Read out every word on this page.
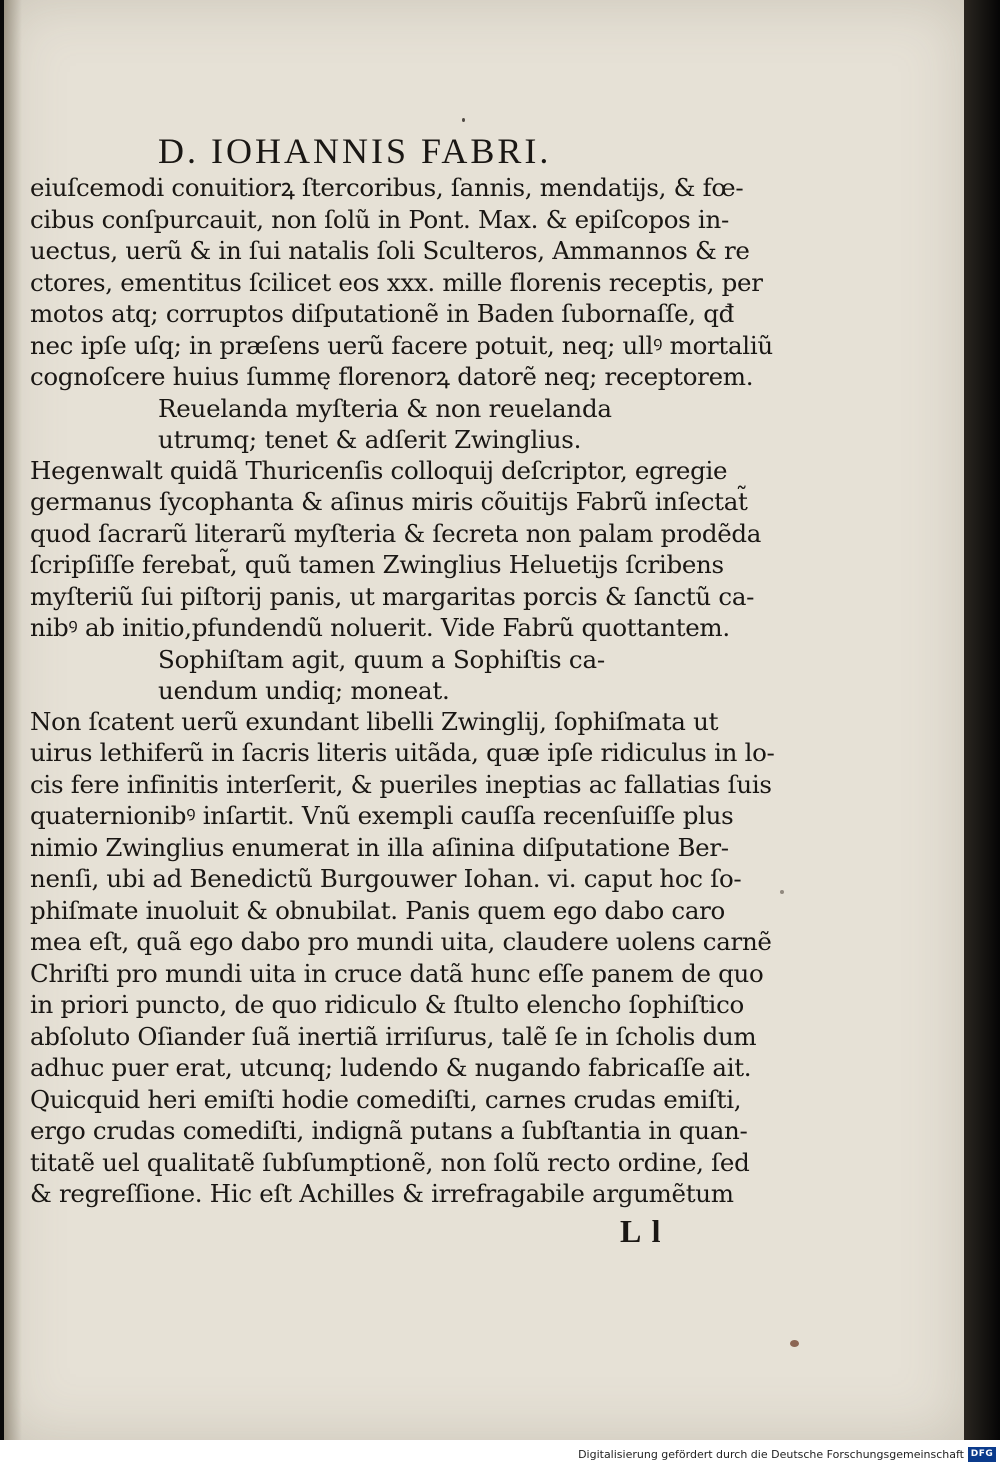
D. IOHANNIS FABRI.
eiuſcemodi conuitiorꝝ ſtercoribus, ſannis, mendatijs, & fœ-
cibus conſpurcauit, non ſolũ in Pont. Max. & epiſcopos in-
uectus, uerũ & in ſui natalis ſoli Sculteros, Ammannos & re
ctores, ementitus ſcilicet eos xxx. mille florenis receptis, per
motos atq; corruptos diſputationẽ in Baden ſubornaſſe, qđ
nec ipſe uſq; in præſens uerũ facere potuit, neq; ullꝰ mortaliũ
cognoſcere huius ſummę florenorꝝ datorẽ neq; receptorem.
Reuelanda myſteria & non reuelanda
utrumq; tenet & adſerit Zwinglius.
Hegenwalt quidã Thuricenſis colloquij deſcriptor, egregie
germanus ſycophanta & aſinus miris cõuitijs Fabrũ inſectat̃
quod ſacrarũ literarũ myſteria & ſecreta non palam prodẽda
ſcripſiſſe ferebat̃, quũ tamen Zwinglius Heluetijs ſcribens
myſteriũ ſui piſtorij panis, ut margaritas porcis & ſanctũ ca-
nibꝰ ab initio,pfundendũ noluerit. Vide Fabrũ quottantem.
Sophiſtam agit, quum a Sophiſtis ca-
uendum undiq; moneat.
Non ſcatent uerũ exundant libelli Zwinglij, ſophiſmata ut
uirus lethiferũ in ſacris literis uitãda, quæ ipſe ridiculus in lo-
cis fere infinitis interſerit, & pueriles ineptias ac fallatias ſuis
quaternionibꝰ inſartit. Vnũ exempli cauſſa recenſuiſſe plus
nimio Zwinglius enumerat in illa aſinina diſputatione Ber-
nenſi, ubi ad Benedictũ Burgouwer Iohan. vi. caput hoc ſo-
phiſmate inuoluit & obnubilat. Panis quem ego dabo caro
mea eſt, quã ego dabo pro mundi uita, claudere uolens carnẽ
Chriſti pro mundi uita in cruce datã hunc eſſe panem de quo
in priori puncto, de quo ridiculo & ſtulto elencho ſophiſtico
abſoluto Oſiander ſuã inertiã irriſurus, talẽ ſe in ſcholis dum
adhuc puer erat, utcunq; ludendo & nugando fabricaſſe ait.
Quicquid heri emiſti hodie comediſti, carnes crudas emiſti,
ergo crudas comediſti, indignã putans a ſubſtantia in quan-
titatẽ uel qualitatẽ ſubſumptionẽ, non ſolũ recto ordine, ſed
& regreſſione. Hic eſt Achilles & irrefragabile argumẽtum
L l
Digitalisierung gefördert durch die Deutsche Forschungsgemeinschaft DFG
